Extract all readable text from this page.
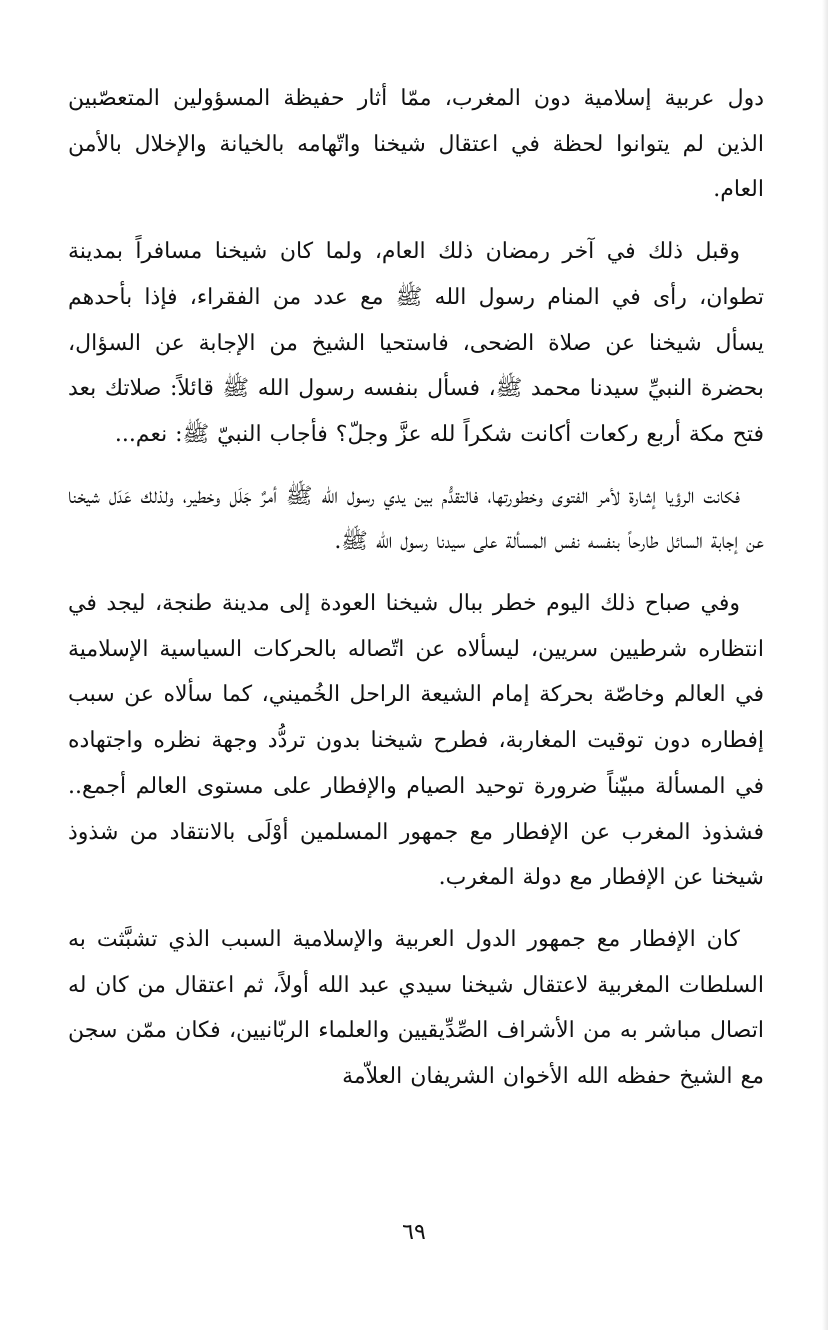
دول عربية إسلامية دون المغرب، ممّا أثار حفيظة المسؤولين المتعصّبين الذين لم يتوانوا لحظة في اعتقال شيخنا واتّهامه بالخيانة والإخلال بالأمن العام.

وقبل ذلك في آخر رمضان ذلك العام، ولما كان شيخنا مسافراً بمدينة تطوان، رأى في المنام رسول الله ﷺ مع عدد من الفقراء، فإذا بأحدهم يسأل شيخنا عن صلاة الضحى، فاستحيا الشيخ من الإجابة عن السؤال، بحضرة النبيِّ سيدنا محمد ﷺ، فسأل بنفسه رسول الله ﷺ قائلاً: صلاتك بعد فتح مكة أربع ركعات أكانت شكراً لله عزَّ وجلّ؟ فأجاب النبيّ ﷺ: نعم...

فكانت الرؤيا إشارة لأمر الفتوى وخطورتها، فالتقدُّم بين يدي رسول الله ﷺ أمرٌ جَلَل وخطير، ولذلك عَدَل شيخنا عن إجابة السائل طارحاً بنفسه نفس المسألة على سيدنا رسول الله ﷺ.

وفي صباح ذلك اليوم خطر ببال شيخنا العودة إلى مدينة طنجة، ليجد في انتظاره شرطيين سريين، ليسألاه عن اتّصاله بالحركات السياسية الإسلامية في العالم وخاصّة بحركة إمام الشيعة الراحل الخُميني، كما سألاه عن سبب إفطاره دون توقيت المغاربة، فطرح شيخنا بدون تردُّد وجهة نظره واجتهاده في المسألة مبيّناً ضرورة توحيد الصيام والإفطار على مستوى العالم أجمع.. فشذوذ المغرب عن الإفطار مع جمهور المسلمين أوْلَى بالانتقاد من شذوذ شيخنا عن الإفطار مع دولة المغرب.

كان الإفطار مع جمهور الدول العربية والإسلامية السبب الذي تشبَّثت به السلطات المغربية لاعتقال شيخنا سيدي عبد الله أولاً، ثم اعتقال من كان له اتصال مباشر به من الأشراف الصِّدِّيقيين والعلماء الربّانيين، فكان ممّن سجن مع الشيخ حفظه الله الأخوان الشريفان العلاّمة

٦٩
